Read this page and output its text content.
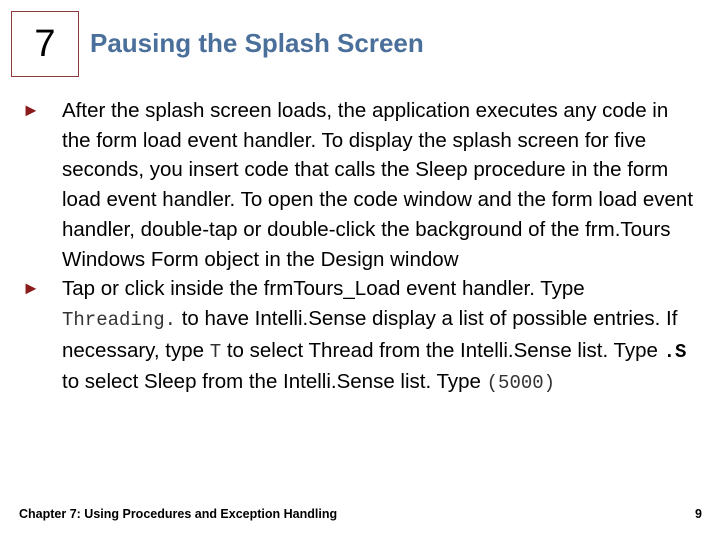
7 Pausing the Splash Screen
►	After the splash screen loads, the application executes any code in the form load event handler. To display the splash screen for five seconds, you insert code that calls the Sleep procedure in the form load event handler. To open the code window and the form load event handler, double-tap or double-click the background of the frm.Tours Windows Form object in the Design window
►	Tap or click inside the frmTours_Load event handler. Type Threading. to have Intelli.Sense display a list of possible entries. If necessary, type T to select Thread from the Intelli.Sense list. Type .S to select Sleep from the Intelli.Sense list. Type (5000)
Chapter 7: Using Procedures and Exception Handling	9
